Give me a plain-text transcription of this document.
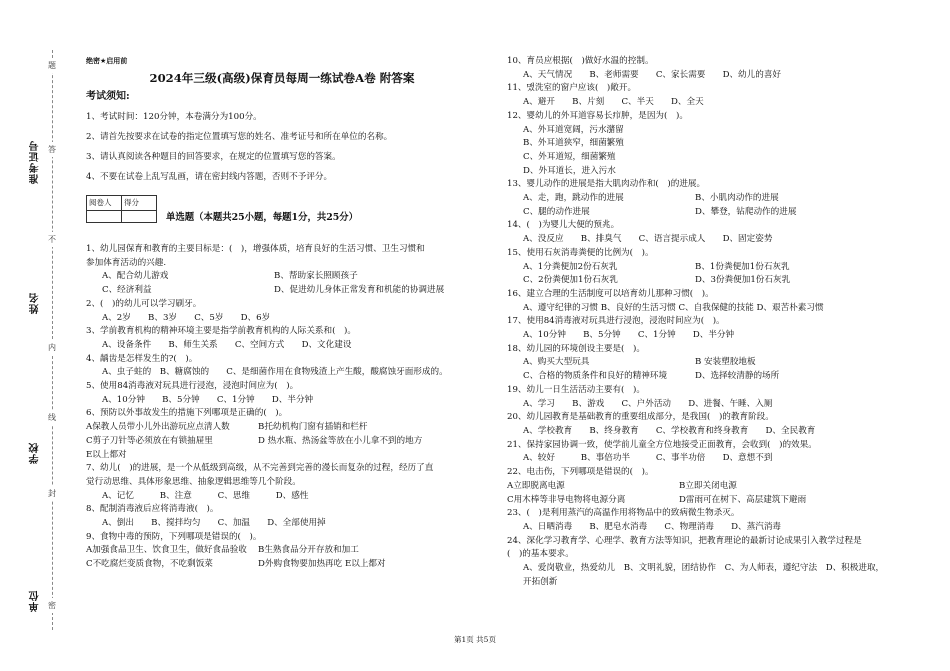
准考证号
姓名
学校
单位
题
答
不
内
线
封
密
绝密★启用前
2024年三级(高级)保育员每周一练试卷A卷 附答案
考试须知:
1、考试时间：120分钟，本卷满分为100分。
2、请首先按要求在试卷的指定位置填写您的姓名、准考证号和所在单位的名称。
3、请认真阅读各种题目的回答要求，在规定的位置填写您的答案。
4、不要在试卷上乱写乱画，请在密封线内答题，否则不予评分。
阅卷人	得分

单选题（本题共25小题，每题1分，共25分）
1、幼儿园保育和教育的主要目标是：(　)，增强体质，培育良好的生活习惯、卫生习惯和
参加体育活动的兴趣.
A、配合幼儿游戏	B、帮助家长照顾孩子
C、经济利益	D、促进幼儿身体正常发育和机能的协调进展
2、(　)的幼儿可以学习刷牙。
A、2岁　　B、3岁　　C、5岁　　D、6岁
3、学前教育机构的精神环境主要是指学前教育机构的人际关系和(　)。
A、设备条件　　B、师生关系　　C、空间方式　　D、文化建设
4、龋齿是怎样发生的?(　)。
A、虫子蛀的　B、糖腐蚀的　　C、是细菌作用在食物残渣上产生酸，酸腐蚀牙面形成的。
5、使用84消毒液对玩具进行浸泡，浸泡时间应为(　)。
A、10分钟　　B、5分钟　　C、1分钟　　D、半分钟
6、预防以外事故发生的措施下列哪项是正确的(　)。
A保教人员带小儿外出游玩应点清人数	B托幼机构门窗有插销和栏杆
C剪子刀针等必须放在有锁抽屉里	D 热水瓶、热汤盆等放在小儿拿不到的地方
E以上都对
7、幼儿(　)的进展，是一个从低级到高级，从不完善到完善的漫长而复杂的过程，经历了直
觉行动思维、具体形象思维、抽象逻辑思维等几个阶段。
A、记忆　　　B、注意　　　C、思维　　　D、感性
8、配制消毒液后应将消毒液(　)。
A、倒出　　B、搅拌均匀　　C、加温　　D、全部使用掉
9、食物中毒的预防，下列哪项是错误的(　)。
A加强食品卫生、饮食卫生，做好食品验收	B生熟食品分开存放和加工
C不吃腐烂变质食物，不吃剩饭菜	D外购食物要加热再吃 E以上都对
10、育员应根据(　)做好水温的控制。
A、天气情况　　B、老师需要　　C、家长需要　　D、幼儿的喜好
11、맸洗室的窗户应该(　)敞开。
A、避开　　B、片刻　　C、半天　　D、全天
12、婴幼儿的外耳道容易长疖肿，是因为(　)。
A、外耳道宽阔，污水潴留
B、外耳道狭窄，细菌繁殖
C、外耳道短，细菌繁殖
D、外耳道长，进入污水
13、婴儿动作的进展是指大肌肉动作和(　)的进展。
A、走，跑，跳动作的进展	B、小肌肉动作的进展
C、腿的动作进展	D、攀登，钻爬动作的进展
14、(　)为婴儿大便的预兆。
A、没反应　　B、排臭气　　C、语言提示成人　　D、固定姿势
15、使用石灰消毒粪便的比例为(　)。
A、1分粪便加2份石灰乳	B、1份粪便加1份石灰乳
C、2份粪便加1份石灰乳	D、3份粪便加1份石灰乳
16、建立合理的生活制度可以培育幼儿那种习惯(　)。
A、遵守纪律的习惯 B、良好的生活习惯 C、自我保健的技能 D、艰苦朴素习惯
17、使用84消毒液对玩具进行浸泡，浸泡时间应为(　)。
A、10分钟　　B、5分钟　　C、1分钟　　D、半分钟
18、幼儿园的环境创设主要是(　)。
A、购买大型玩具	B 安装塑胶地板
C、合格的物质条件和良好的精神环境	D、选择较清静的场所
19、幼儿一日生活活动主要有(　)。
A、学习　　B、游戏　　C、户外活动　　D、进餐、午睡、入厕
20、幼儿园教育是基础教育的重要组成部分，是我国(　)的教育阶段。
A、学校教育　　B、终身教育　　C、学校教育和终身教育　　D、全民教育
21、保持家园协调一致，使学前儿童全方位地接受正面教育，会收到(　)的效果。
A、较好　　　B、事倍功半　　　C、事半功倍　　D、意想不到
22、电击伤，下列哪项是错误的(　)。
A立即脱离电源	B立即关闭电源
C用木棒等非导电物将电源分离	D雷雨可在树下、高层建筑下避雨
23、(　)是利用蒸汽的高温作用将物品中的致病微生物杀灭。
A、日晒消毒　　B、肥皂水消毒　　C、物理消毒　　D、蒸汽消毒
24、深化学习教育学、心理学、教育方法等知识，把教育理论的最新讨论成果引入教学过程是
(　)的基本要求。
A、爱岗敬业，热爱幼儿　B、文明礼貌，团结协作　C、为人师表，遵纪守法　D、积极进取，
开拓创新
第1页 共5页
